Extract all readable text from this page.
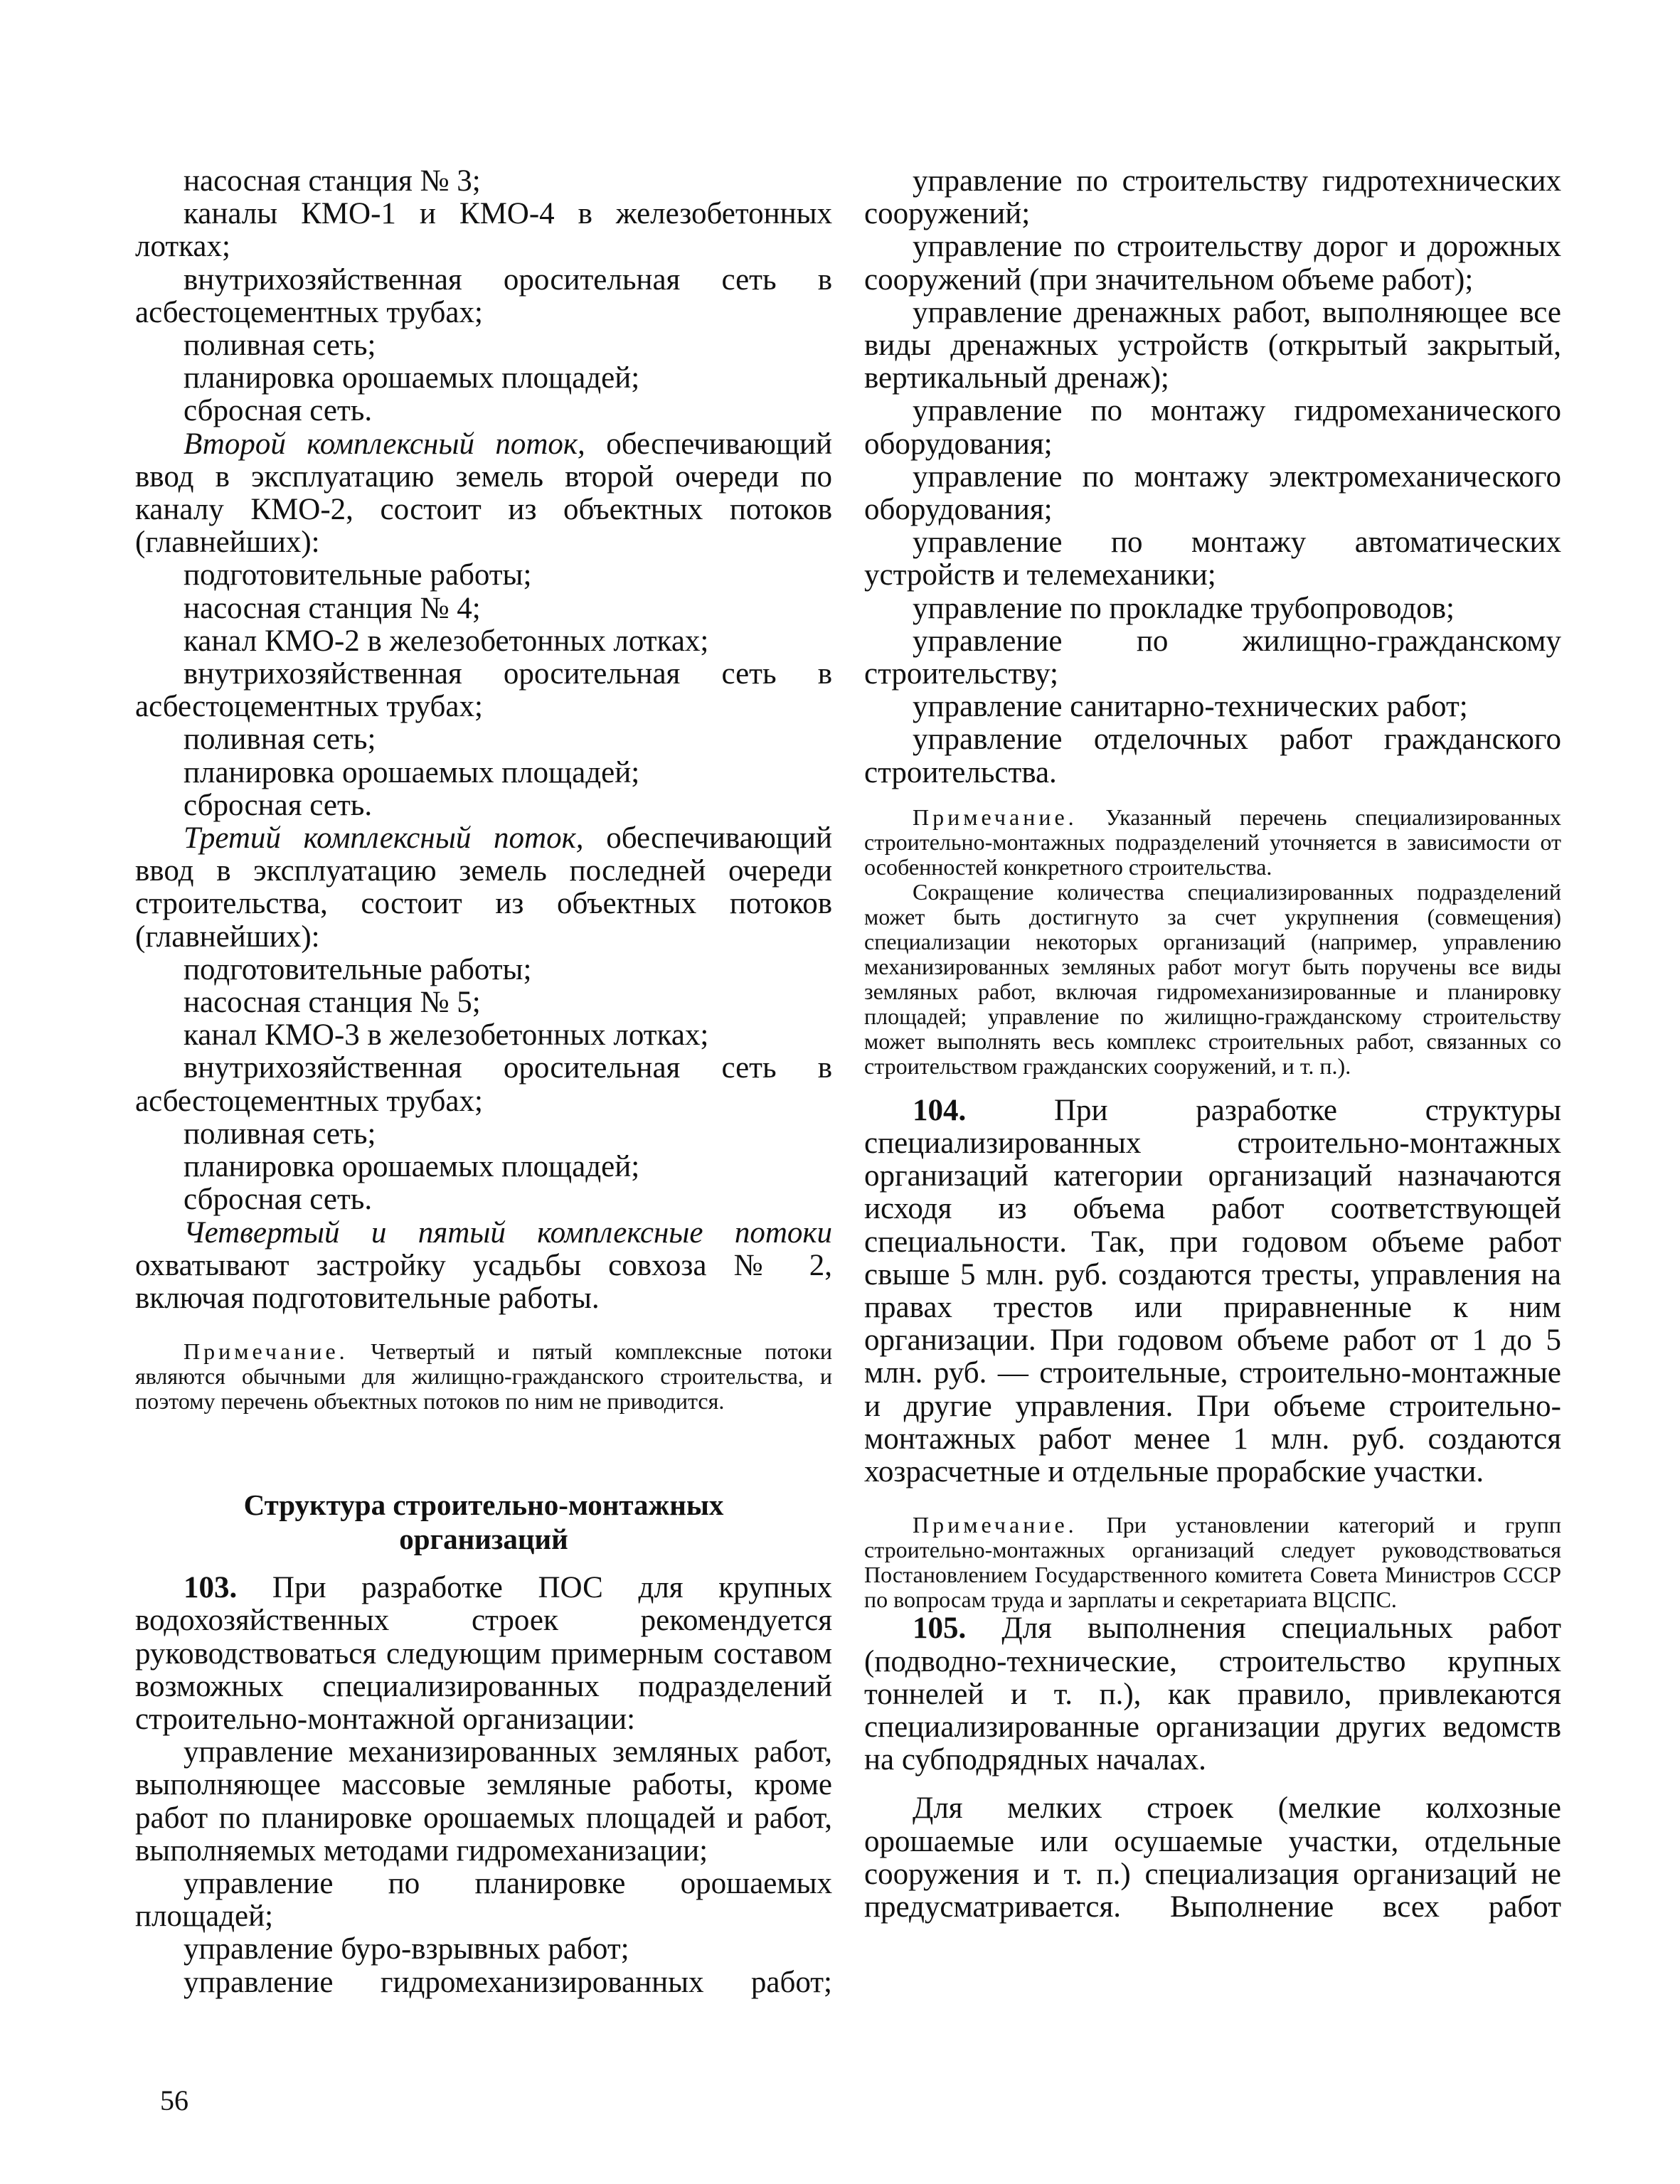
насосная станция № 3;

каналы КМО-1 и КМО-4 в железобетонных лотках;

внутрихозяйственная оросительная сеть в асбестоцементных трубах;

поливная сеть;

планировка орошаемых площадей;

сбросная сеть.

Второй комплексный поток, обеспечивающий ввод в эксплуатацию земель второй очереди по каналу КМО-2, состоит из объектных потоков (главнейших):

подготовительные работы;

насосная станция № 4;

канал КМО-2 в железобетонных лотках;

внутрихозяйственная оросительная сеть в асбестоцементных трубах;

поливная сеть;

планировка орошаемых площадей;

сбросная сеть.

Третий комплексный поток, обеспечивающий ввод в эксплуатацию земель последней очереди строительства, состоит из объектных потоков (главнейших):

подготовительные работы;

насосная станция № 5;

канал КМО-3 в железобетонных лотках;

внутрихозяйственная оросительная сеть в асбестоцементных трубах;

поливная сеть;

планировка орошаемых площадей;

сбросная сеть.

Четвертый и пятый комплексные потоки охватывают застройку усадьбы совхоза № 2, включая подготовительные работы.

Примечание. Четвертый и пятый комплексные потоки являются обычными для жилищно-гражданского строительства, и поэтому перечень объектных потоков по ним не приводится.

Структура строительно-монтажных
организаций

103. При разработке ПОС для крупных водохозяйственных строек рекомендуется руководствоваться следующим примерным составом возможных специализированных подразделений строительно-монтажной организации:

управление механизированных земляных работ, выполняющее массовые земляные работы, кроме работ по планировке орошаемых площадей и работ, выполняемых методами гидромеханизации;

управление по планировке орошаемых площадей;

управление буро-взрывных работ;

управление гидромеханизированных работ;

управление по строительству гидротехнических сооружений;

управление по строительству дорог и дорожных сооружений (при значительном объеме работ);

управление дренажных работ, выполняющее все виды дренажных устройств (открытый закрытый, вертикальный дренаж);

управление по монтажу гидромеханического оборудования;

управление по монтажу электромеханического оборудования;

управление по монтажу автоматических устройств и телемеханики;

управление по прокладке трубопроводов;

управление по жилищно-гражданскому строительству;

управление санитарно-технических работ;

управление отделочных работ гражданского строительства.

Примечание. Указанный перечень специализированных строительно-монтажных подразделений уточняется в зависимости от особенностей конкретного строительства.

Сокращение количества специализированных подразделений может быть достигнуто за счет укрупнения (совмещения) специализации некоторых организаций (например, управлению механизированных земляных работ могут быть поручены все виды земляных работ, включая гидромеханизированные и планировку площадей; управление по жилищно-гражданскому строительству может выполнять весь комплекс строительных работ, связанных со строительством гражданских сооружений, и т. п.).

104.	При разработке структуры специализированных строительно-монтажных организаций категории организаций назначаются исходя из объема работ соответствующей специальности. Так, при годовом объеме работ свыше 5 млн. руб. создаются тресты, управления на правах трестов или приравненные к ним организации. При годовом объеме работ от 1 до 5 млн. руб. — строительные, строительно-монтажные и другие управления. При объеме строительно-монтажных работ менее 1 млн. руб. создаются хозрасчетные и отдельные прорабские участки.

Примечание. При установлении категорий и групп строительно-монтажных организаций следует руководствоваться Постановлением Государственного комитета Совета Министров СССР по вопросам труда и зарплаты и секретариата ВЦСПС.

105. Для выполнения специальных работ (подводно-технические, строительство крупных тоннелей и т. п.), как правило, привлекаются специализированные организации других ведомств на субподрядных началах.

Для мелких строек (мелкие колхозные орошаемые или осушаемые участки, отдельные сооружения и т. п.) специализация организаций не предусматривается. Выполнение всех работ

56
